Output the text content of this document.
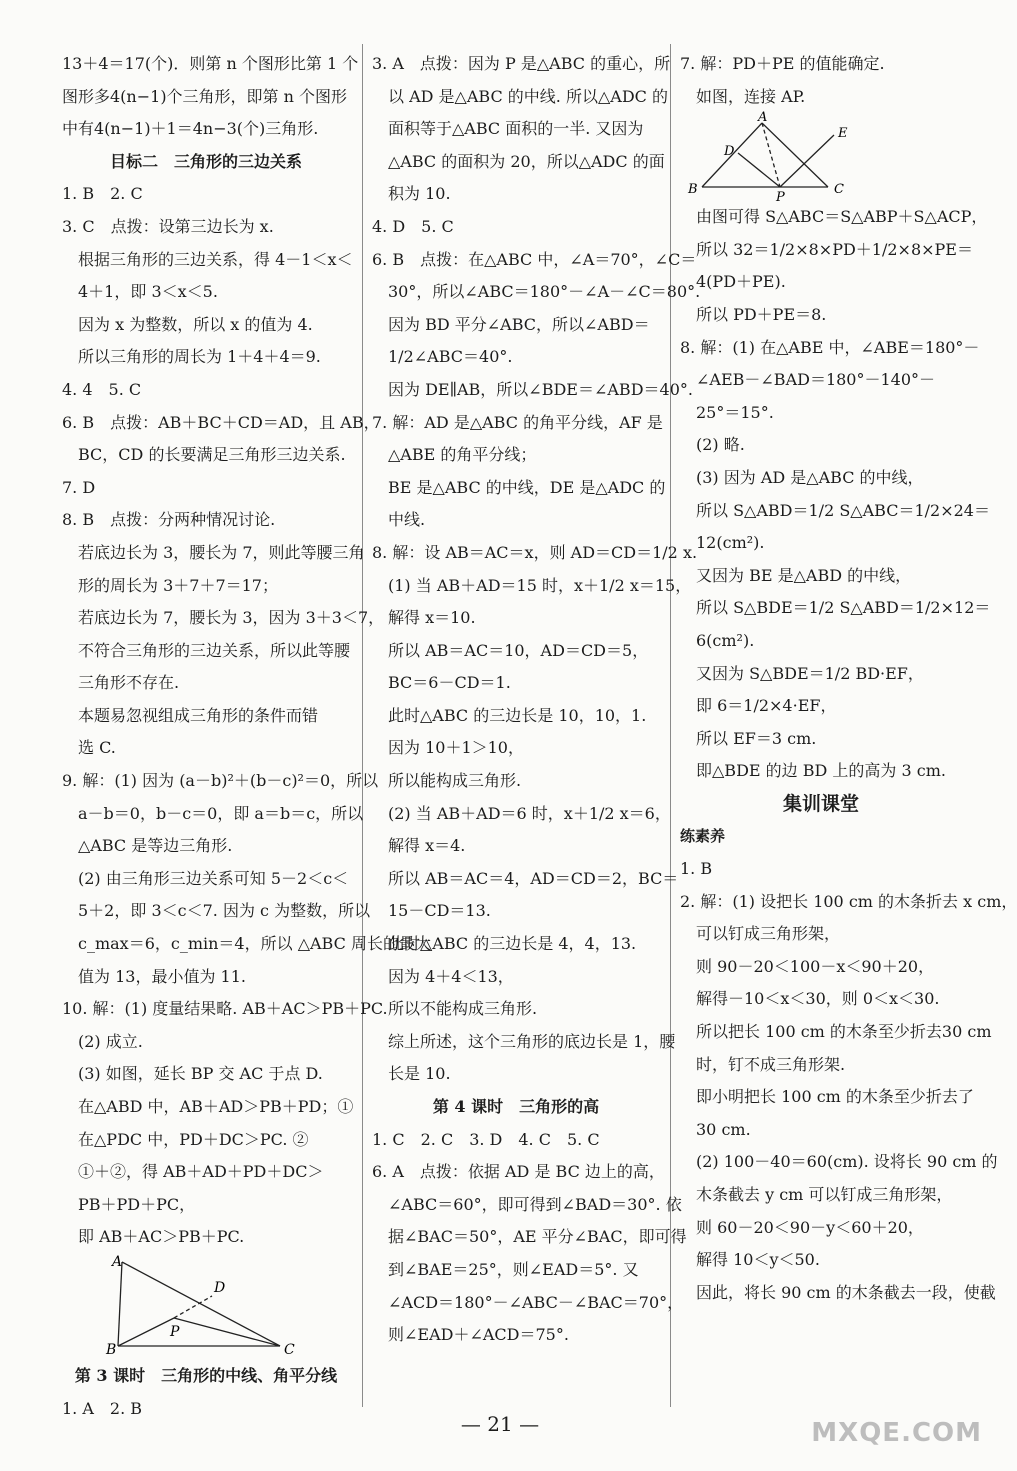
13＋4＝17(个)．则第 n 个图形比第 1 个
图形多4(n−1)个三角形，即第 n 个图形
中有4(n−1)＋1＝4n−3(个)三角形.
目标二　三角形的三边关系
1. B　2. C
3. C　点拨：设第三边长为 x.
　根据三角形的三边关系，得 4－1＜x＜
　4＋1，即 3＜x＜5.
　因为 x 为整数，所以 x 的值为 4.
　所以三角形的周长为 1＋4＋4＝9.
4. 4　5. C
6. B　点拨：AB＋BC＋CD＝AD，且 AB，
　BC，CD 的长要满足三角形三边关系.
7. D
8. B　点拨：分两种情况讨论.
　若底边长为 3，腰长为 7，则此等腰三角
　形的周长为 3＋7＋7＝17；
　若底边长为 7，腰长为 3，因为 3＋3＜7，
　不符合三角形的三边关系，所以此等腰
　三角形不存在.
　本题易忽视组成三角形的条件而错
　选 C.
9. 解：(1) 因为 (a－b)²＋(b－c)²＝0，所以
　a－b＝0，b－c＝0，即 a＝b＝c，所以
　△ABC 是等边三角形.
　(2) 由三角形三边关系可知 5－2＜c＜
　5＋2，即 3＜c＜7. 因为 c 为整数，所以
　c_max＝6，c_min＝4，所以 △ABC 周长的最大
　值为 13，最小值为 11.
10. 解：(1) 度量结果略. AB＋AC＞PB＋PC.
　(2) 成立.
　(3) 如图，延长 BP 交 AC 于点 D.
　在△ABD 中，AB＋AD＞PB＋PD；①
　在△PDC 中，PD＋DC＞PC. ②
　①＋②，得 AB＋AD＋PD＋DC＞
　PB＋PD＋PC，
　即 AB＋AC＞PB＋PC.
A
B	C
D
P
第 3 课时　三角形的中线、角平分线
1. A　2. B
3. A　点拨：因为 P 是△ABC 的重心，所
　以 AD 是△ABC 的中线. 所以△ADC 的
　面积等于△ABC 面积的一半. 又因为
　△ABC 的面积为 20，所以△ADC 的面
　积为 10.
4. D　5. C
6. B　点拨：在△ABC 中，∠A＝70°，∠C＝
　30°，所以∠ABC＝180°－∠A－∠C＝80°.
　因为 BD 平分∠ABC，所以∠ABD＝
　1/2∠ABC＝40°.
　因为 DE∥AB，所以∠BDE＝∠ABD＝40°.
7. 解：AD 是△ABC 的角平分线，AF 是
　△ABE 的角平分线；
　BE 是△ABC 的中线，DE 是△ADC 的
　中线.
8. 解：设 AB＝AC＝x，则 AD＝CD＝1/2 x.
　(1) 当 AB＋AD＝15 时，x＋1/2 x＝15，
　解得 x＝10.
　所以 AB＝AC＝10，AD＝CD＝5，
　BC＝6－CD＝1.
　此时△ABC 的三边长是 10，10，1.
　因为 10＋1＞10，
　所以能构成三角形.
　(2) 当 AB＋AD＝6 时，x＋1/2 x＝6，
　解得 x＝4.
　所以 AB＝AC＝4，AD＝CD＝2，BC＝
　15－CD＝13.
　此时△ABC 的三边长是 4，4，13.
　因为 4＋4＜13，
　所以不能构成三角形.
　综上所述，这个三角形的底边长是 1，腰
　长是 10.
第 4 课时　三角形的高
1. C　2. C　3. D　4. C　5. C
6. A　点拨：依据 AD 是 BC 边上的高，
　∠ABC＝60°，即可得到∠BAD＝30°. 依
　据∠BAC＝50°，AE 平分∠BAC，即可得
　到∠BAE＝25°，则∠EAD＝5°. 又
　∠ACD＝180°－∠ABC－∠BAC＝70°，
　则∠EAD＋∠ACD＝75°.
7. 解：PD＋PE 的值能确定.
　如图，连接 AP.
A
B	C
D
E
P
　由图可得 S△ABC＝S△ABP＋S△ACP，
　所以 32＝1/2×8×PD＋1/2×8×PE＝
　4(PD＋PE).
　所以 PD＋PE＝8.
8. 解：(1) 在△ABE 中，∠ABE＝180°－
　∠AEB－∠BAD＝180°－140°－
　25°＝15°.
　(2) 略.
　(3) 因为 AD 是△ABC 的中线，
　所以 S△ABD＝1/2 S△ABC＝1/2×24＝
　12(cm²).
　又因为 BE 是△ABD 的中线，
　所以 S△BDE＝1/2 S△ABD＝1/2×12＝
　6(cm²).
　又因为 S△BDE＝1/2 BD·EF，
　即 6＝1/2×4·EF，
　所以 EF＝3 cm.
　即△BDE 的边 BD 上的高为 3 cm.
集训课堂
练素养
1. B
2. 解：(1) 设把长 100 cm 的木条折去 x cm，
　可以钉成三角形架，
　则 90－20＜100－x＜90＋20，
　解得－10＜x＜30，则 0＜x＜30.
　所以把长 100 cm 的木条至少折去30 cm
　时，钉不成三角形架.
　即小明把长 100 cm 的木条至少折去了
　30 cm.
　(2) 100－40＝60(cm). 设将长 90 cm 的
　木条截去 y cm 可以钉成三角形架，
　则 60－20＜90－y＜60＋20，
　解得 10＜y＜50.
　因此，将长 90 cm 的木条截去一段，使截
— 21 —	MXQE.COM
